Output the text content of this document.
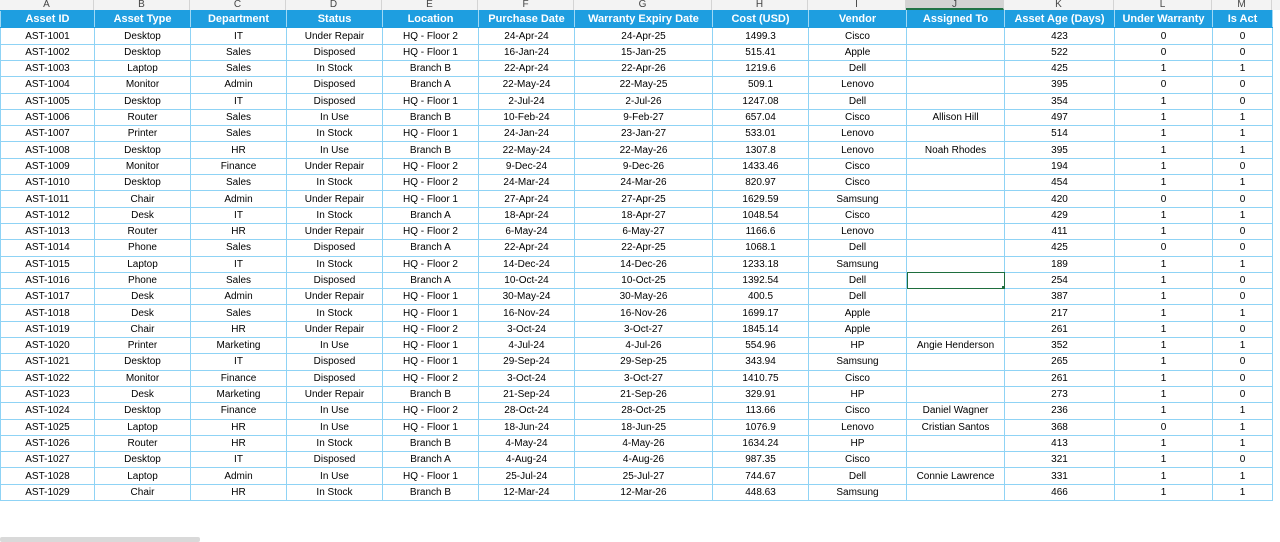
A	B	C	D	E	F	G	H	I	J	K	L	M
Asset ID	Asset Type	Department	Status	Location	Purchase Date	Warranty Expiry Date	Cost (USD)	Vendor	Assigned To	Asset Age (Days)	Under Warranty	Is Act
AST-1001	Desktop	IT	Under Repair	HQ - Floor 2	24-Apr-24	24-Apr-25	1499.3	Cisco		423	0	0
AST-1002	Desktop	Sales	Disposed	HQ - Floor 1	16-Jan-24	15-Jan-25	515.41	Apple		522	0	0
AST-1003	Laptop	Sales	In Stock	Branch B	22-Apr-24	22-Apr-26	1219.6	Dell		425	1	1
AST-1004	Monitor	Admin	Disposed	Branch A	22-May-24	22-May-25	509.1	Lenovo		395	0	0
AST-1005	Desktop	IT	Disposed	HQ - Floor 1	2-Jul-24	2-Jul-26	1247.08	Dell		354	1	0
AST-1006	Router	Sales	In Use	Branch B	10-Feb-24	9-Feb-27	657.04	Cisco	Allison Hill	497	1	1
AST-1007	Printer	Sales	In Stock	HQ - Floor 1	24-Jan-24	23-Jan-27	533.01	Lenovo		514	1	1
AST-1008	Desktop	HR	In Use	Branch B	22-May-24	22-May-26	1307.8	Lenovo	Noah Rhodes	395	1	1
AST-1009	Monitor	Finance	Under Repair	HQ - Floor 2	9-Dec-24	9-Dec-26	1433.46	Cisco		194	1	0
AST-1010	Desktop	Sales	In Stock	HQ - Floor 2	24-Mar-24	24-Mar-26	820.97	Cisco		454	1	1
AST-1011	Chair	Admin	Under Repair	HQ - Floor 1	27-Apr-24	27-Apr-25	1629.59	Samsung		420	0	0
AST-1012	Desk	IT	In Stock	Branch A	18-Apr-24	18-Apr-27	1048.54	Cisco		429	1	1
AST-1013	Router	HR	Under Repair	HQ - Floor 2	6-May-24	6-May-27	1166.6	Lenovo		411	1	0
AST-1014	Phone	Sales	Disposed	Branch A	22-Apr-24	22-Apr-25	1068.1	Dell		425	0	0
AST-1015	Laptop	IT	In Stock	HQ - Floor 2	14-Dec-24	14-Dec-26	1233.18	Samsung		189	1	1
AST-1016	Phone	Sales	Disposed	Branch A	10-Oct-24	10-Oct-25	1392.54	Dell		254	1	0
AST-1017	Desk	Admin	Under Repair	HQ - Floor 1	30-May-24	30-May-26	400.5	Dell		387	1	0
AST-1018	Desk	Sales	In Stock	HQ - Floor 1	16-Nov-24	16-Nov-26	1699.17	Apple		217	1	1
AST-1019	Chair	HR	Under Repair	HQ - Floor 2	3-Oct-24	3-Oct-27	1845.14	Apple		261	1	0
AST-1020	Printer	Marketing	In Use	HQ - Floor 1	4-Jul-24	4-Jul-26	554.96	HP	Angie Henderson	352	1	1
AST-1021	Desktop	IT	Disposed	HQ - Floor 1	29-Sep-24	29-Sep-25	343.94	Samsung		265	1	0
AST-1022	Monitor	Finance	Disposed	HQ - Floor 2	3-Oct-24	3-Oct-27	1410.75	Cisco		261	1	0
AST-1023	Desk	Marketing	Under Repair	Branch B	21-Sep-24	21-Sep-26	329.91	HP		273	1	0
AST-1024	Desktop	Finance	In Use	HQ - Floor 2	28-Oct-24	28-Oct-25	113.66	Cisco	Daniel Wagner	236	1	1
AST-1025	Laptop	HR	In Use	HQ - Floor 1	18-Jun-24	18-Jun-25	1076.9	Lenovo	Cristian Santos	368	0	1
AST-1026	Router	HR	In Stock	Branch B	4-May-24	4-May-26	1634.24	HP		413	1	1
AST-1027	Desktop	IT	Disposed	Branch A	4-Aug-24	4-Aug-26	987.35	Cisco		321	1	0
AST-1028	Laptop	Admin	In Use	HQ - Floor 1	25-Jul-24	25-Jul-27	744.67	Dell	Connie Lawrence	331	1	1
AST-1029	Chair	HR	In Stock	Branch B	12-Mar-24	12-Mar-26	448.63	Samsung		466	1	1
